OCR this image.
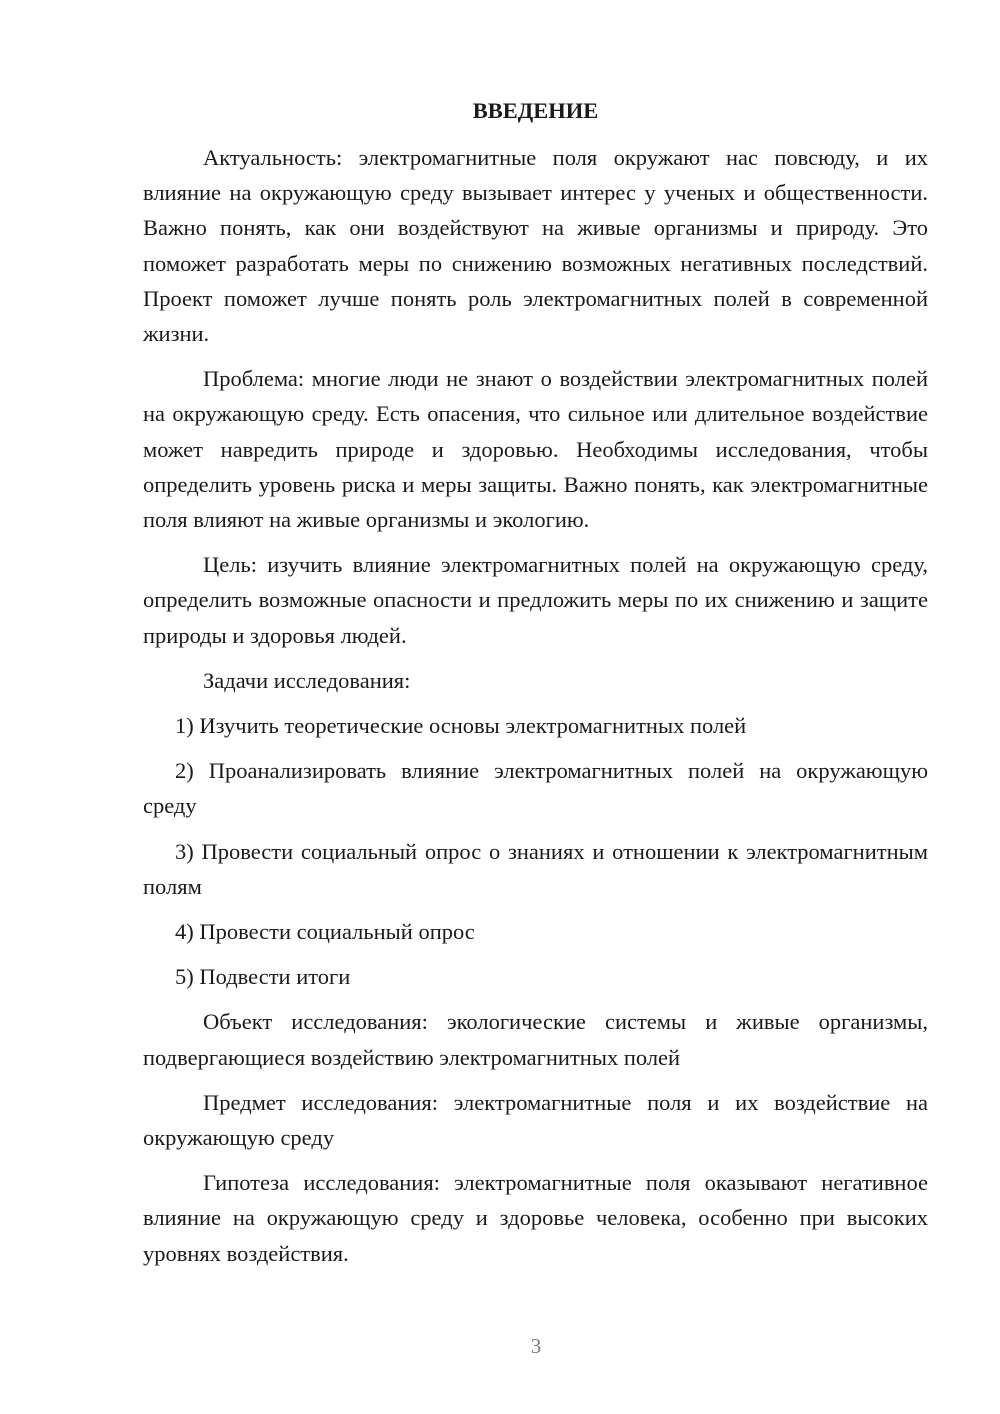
ВВЕДЕНИЕ

Актуальность: электромагнитные поля окружают нас повсюду, и их влияние на окружающую среду вызывает интерес у ученых и общественности. Важно понять, как они воздействуют на живые организмы и природу. Это поможет разработать меры по снижению возможных негативных последствий. Проект поможет лучше понять роль электромагнитных полей в современной жизни.

Проблема: многие люди не знают о воздействии электромагнитных полей на окружающую среду. Есть опасения, что сильное или длительное воздействие может навредить природе и здоровью. Необходимы исследования, чтобы определить уровень риска и меры защиты. Важно понять, как электромагнитные поля влияют на живые организмы и экологию.

Цель: изучить влияние электромагнитных полей на окружающую среду, определить возможные опасности и предложить меры по их снижению и защите природы и здоровья людей.

Задачи исследования:

1) Изучить теоретические основы электромагнитных полей

2) Проанализировать влияние электромагнитных полей на окружающую среду

3) Провести социальный опрос о знаниях и отношении к электромагнитным полям

4) Провести социальный опрос

5) Подвести итоги

Объект исследования: экологические системы и живые организмы, подвергающиеся воздействию электромагнитных полей

Предмет исследования: электромагнитные поля и их воздействие на окружающую среду

Гипотеза исследования: электромагнитные поля оказывают негативное влияние на окружающую среду и здоровье человека, особенно при высоких уровнях воздействия.

3
